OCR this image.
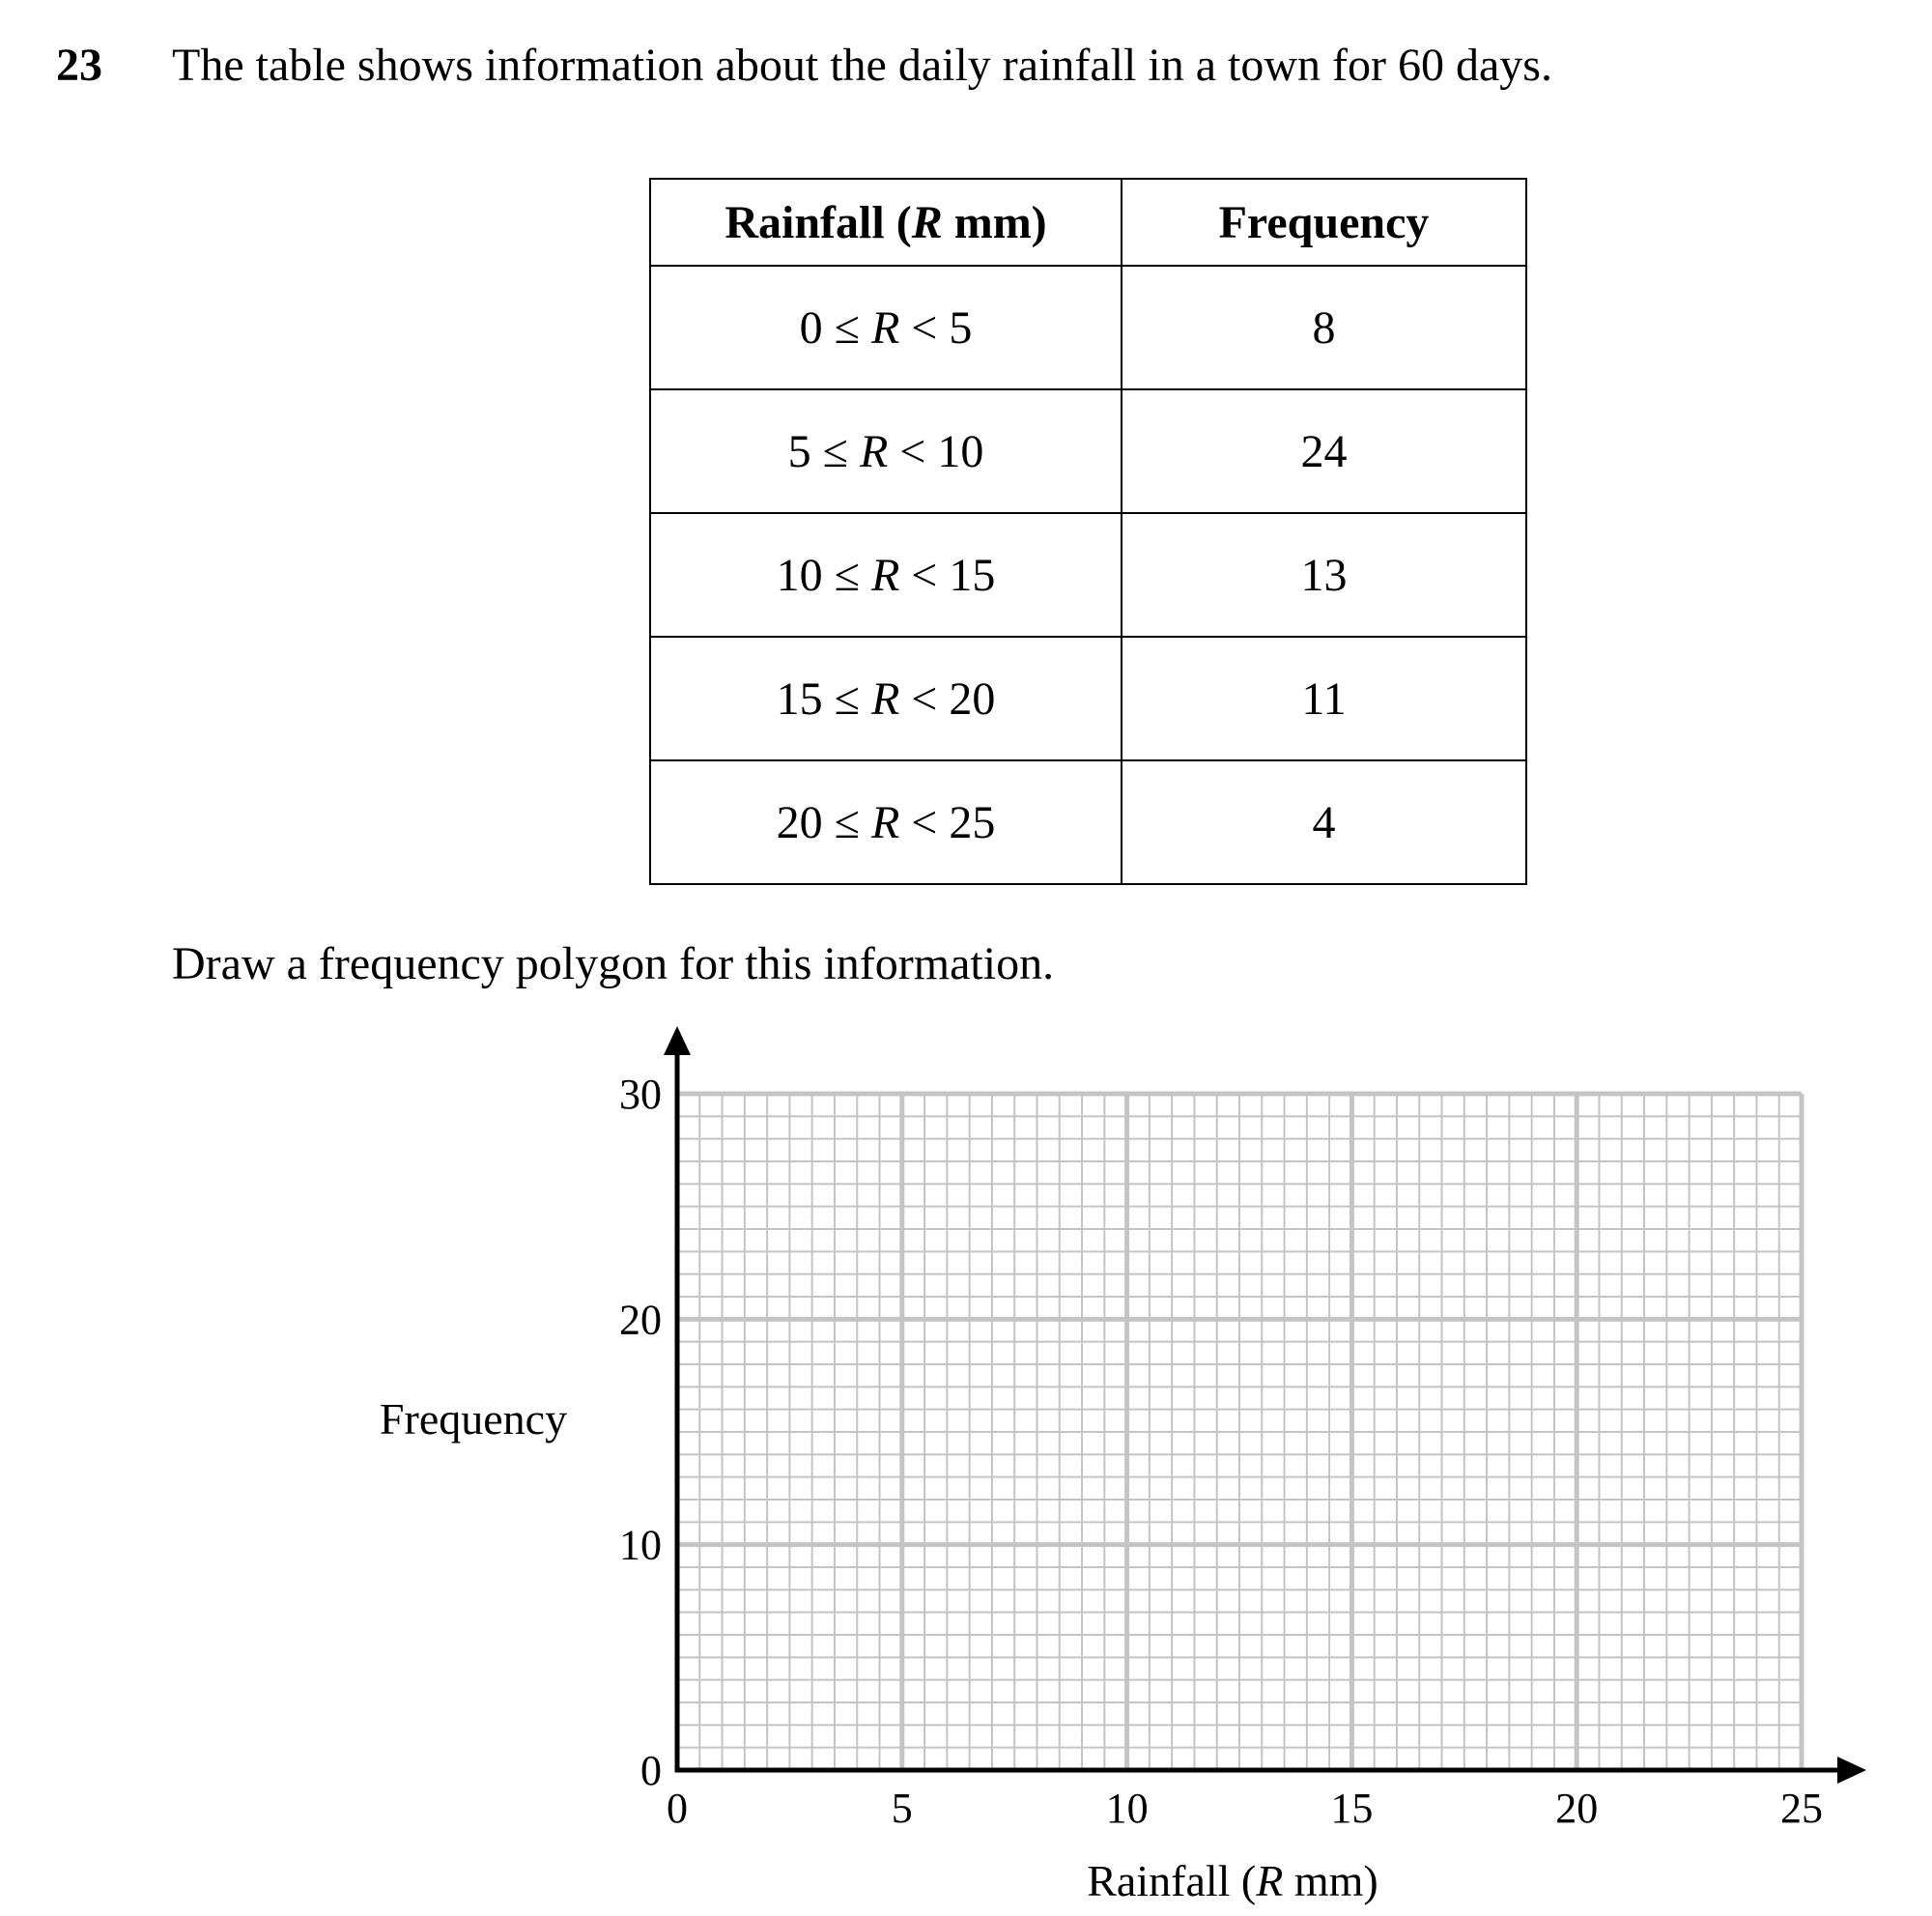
23 The table shows information about the daily rainfall in a town for 60 days.
Rainfall (R mm)	Frequency
0 ≤ R < 5	8
5 ≤ R < 10	24
10 ≤ R < 15	13
15 ≤ R < 20	11
20 ≤ R < 25	4
Draw a frequency polygon for this information.
0	5	10	15	20	25
0
10
20
30
Frequency
Rainfall (R mm)
